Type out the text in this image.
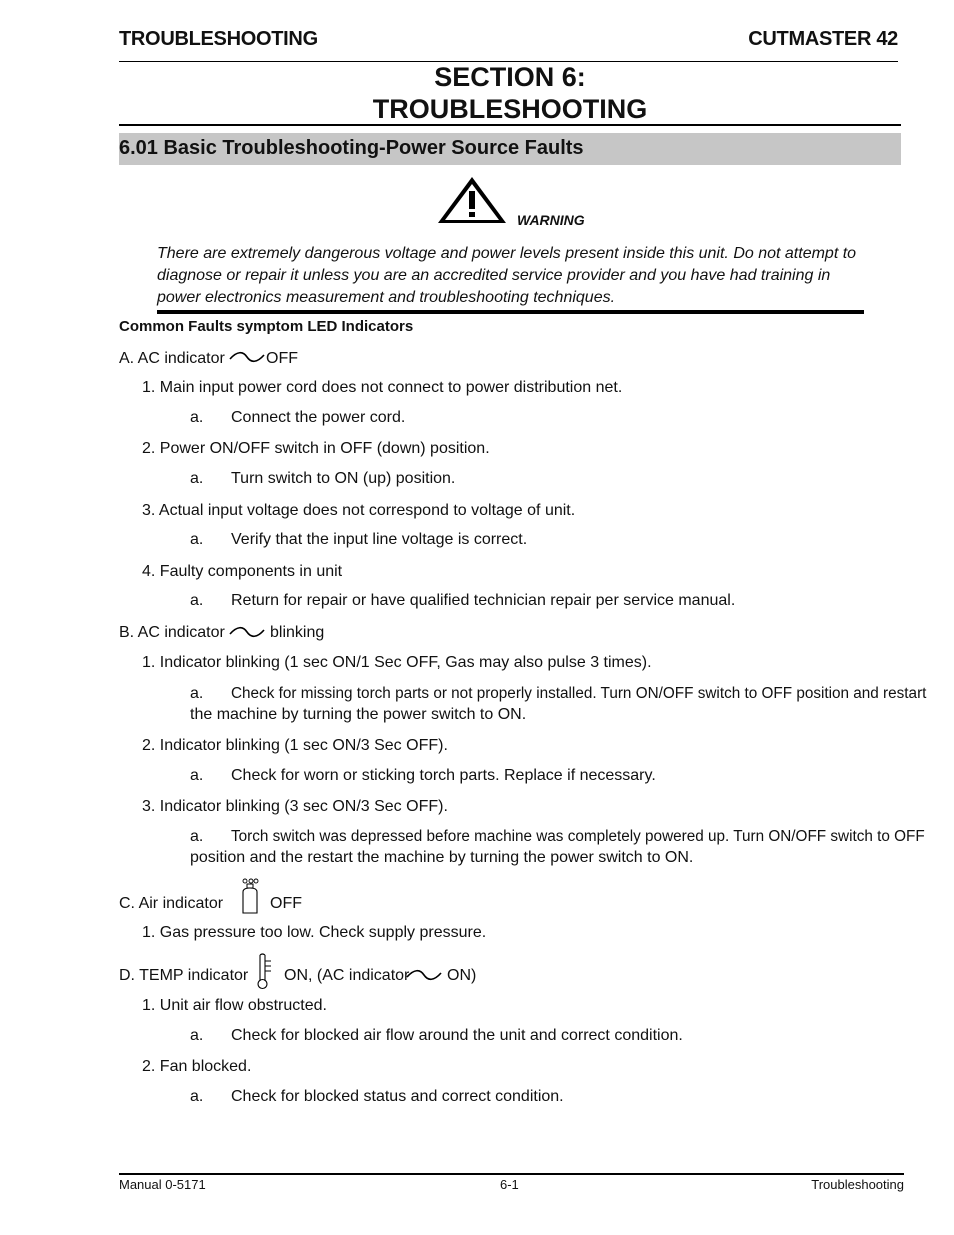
TROUBLESHOOTING	CUTMASTER 42
SECTION 6:
TROUBLESHOOTING
6.01 Basic Troubleshooting-Power Source Faults
WARNING
There are extremely dangerous voltage and power levels present inside this unit. Do not attempt to diagnose or repair it unless you are an accredited service provider and you have had training in power electronics measurement and troubleshooting techniques.
Common Faults symptom LED Indicators
A. AC indicator	OFF
1. Main input power cord does not connect to power distribution net.
a. Connect the power cord.
2. Power ON/OFF switch in OFF (down) position.
a. Turn switch to ON (up) position.
3. Actual input voltage does not correspond to voltage of unit.
a. Verify that the input line voltage is correct.
4. Faulty components in unit
a. Return for repair or have qualified technician repair per service manual.
B. AC indicator	blinking
1. Indicator blinking (1 sec ON/1 Sec OFF, Gas may also pulse 3 times).
a. Check for missing torch parts or not properly installed. Turn ON/OFF switch to OFF position and restart
the machine by turning the power switch to ON.
2. Indicator blinking (1 sec ON/3 Sec OFF).
a. Check for worn or sticking torch parts. Replace if necessary.
3. Indicator blinking (3 sec ON/3 Sec OFF).
a. Torch switch was depressed before machine was completely powered up. Turn ON/OFF switch to OFF
position and the restart the machine by turning the power switch to ON.
C. Air indicator	OFF
1. Gas pressure too low. Check supply pressure.
D. TEMP indicator ON, (AC indicator ON)
1. Unit air flow obstructed.
a. Check for blocked air flow around the unit and correct condition.
2. Fan blocked.
a. Check for blocked status and correct condition.
Manual 0-5171	6-1	Troubleshooting
